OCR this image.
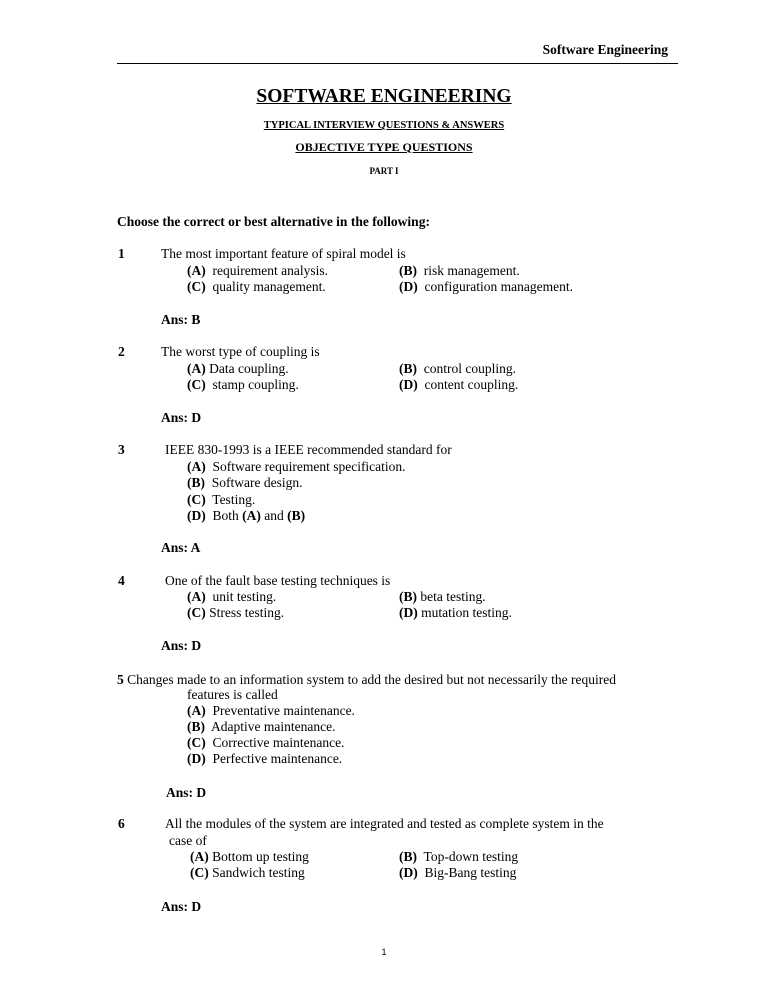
Software Engineering
SOFTWARE ENGINEERING
TYPICAL INTERVIEW QUESTIONS & ANSWERS
OBJECTIVE TYPE QUESTIONS
PART I
Choose the correct or best alternative in the following:
1	The most important feature of spiral model is
(A) requirement analysis.	(B) risk management.
(C) quality management.	(D) configuration management.
Ans: B
2	The worst type of coupling is
(A) Data coupling.	(B) control coupling.
(C) stamp coupling.	(D) content coupling.
Ans: D
3	IEEE 830-1993 is a IEEE recommended standard for
(A) Software requirement specification.
(B) Software design.
(C) Testing.
(D) Both (A) and (B)
Ans: A
4	One of the fault base testing techniques is
(A) unit testing.	(B) beta testing.
(C) Stress testing.	(D) mutation testing.
Ans: D
5 Changes made to an information system to add the desired but not necessarily the required
features is called
(A) Preventative maintenance.
(B) Adaptive maintenance.
(C) Corrective maintenance.
(D) Perfective maintenance.
Ans: D
6	All the modules of the system are integrated and tested as complete system in the
case of
(A) Bottom up testing	(B) Top-down testing
(C) Sandwich testing	(D) Big-Bang testing
Ans: D
1
